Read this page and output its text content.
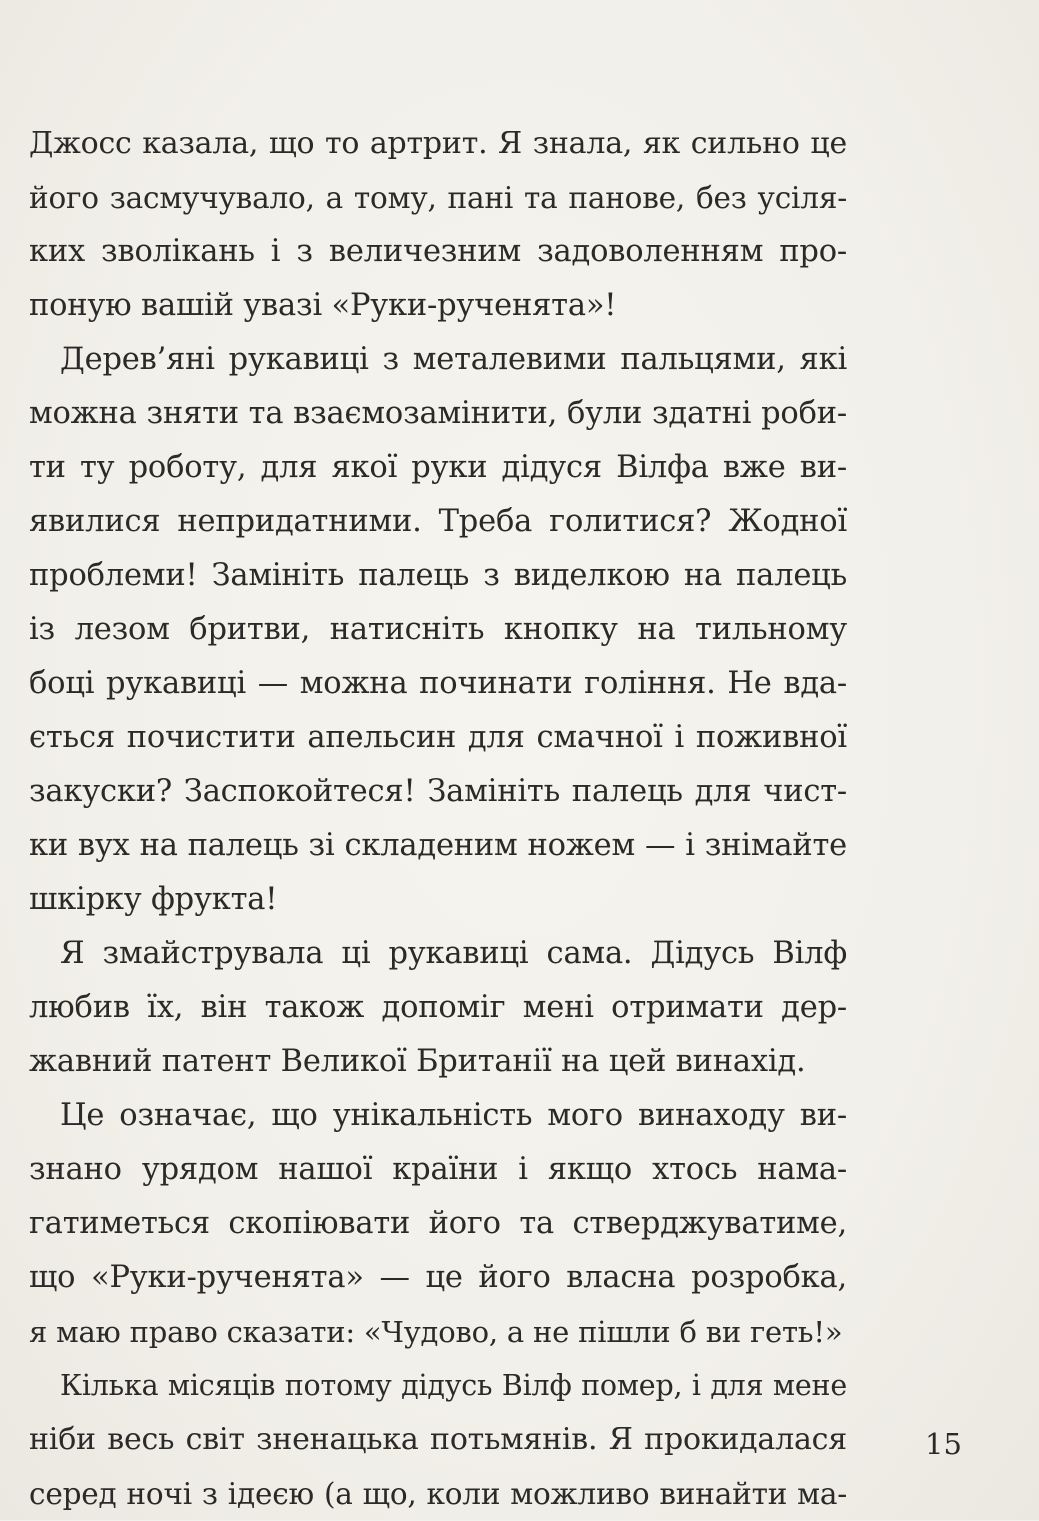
Джосс казала, що то артрит. Я знала, як сильно це
його засмучувало, а тому, пані та панове, без усіля-
ких зволікань і з величезним задоволенням про-
поную вашій увазі «Руки-рученята»!
Дерев’яні рукавиці з металевими пальцями, які
можна зняти та взаємозамінити, були здатні роби-
ти ту роботу, для якої руки дідуся Вілфа вже ви-
явилися непридатними. Треба голитися? Жодної
проблеми! Замініть палець з виделкою на палець
із лезом бритви, натисніть кнопку на тильному
боці рукавиці — можна починати гоління. Не вда-
ється почистити апельсин для смачної і поживної
закуски? Заспокойтеся! Замініть палець для чист-
ки вух на палець зі складеним ножем — і знімайте
шкірку фрукта!
Я змайструвала ці рукавиці сама. Дідусь Вілф
любив їх, він також допоміг мені отримати дер-
жавний патент Великої Британії на цей винахід.
Це означає, що унікальність мого винаходу ви-
знано урядом нашої країни і якщо хтось нама-
гатиметься скопіювати його та стверджуватиме,
що «Руки-рученята» — це його власна розробка,
я маю право сказати: «Чудово, а не пішли б ви геть!»
Кілька місяців потому дідусь Вілф помер, і для мене
ніби весь світ зненацька потьмянів. Я прокидалася
серед ночі з ідеєю (а що, коли можливо винайти ма-
15
